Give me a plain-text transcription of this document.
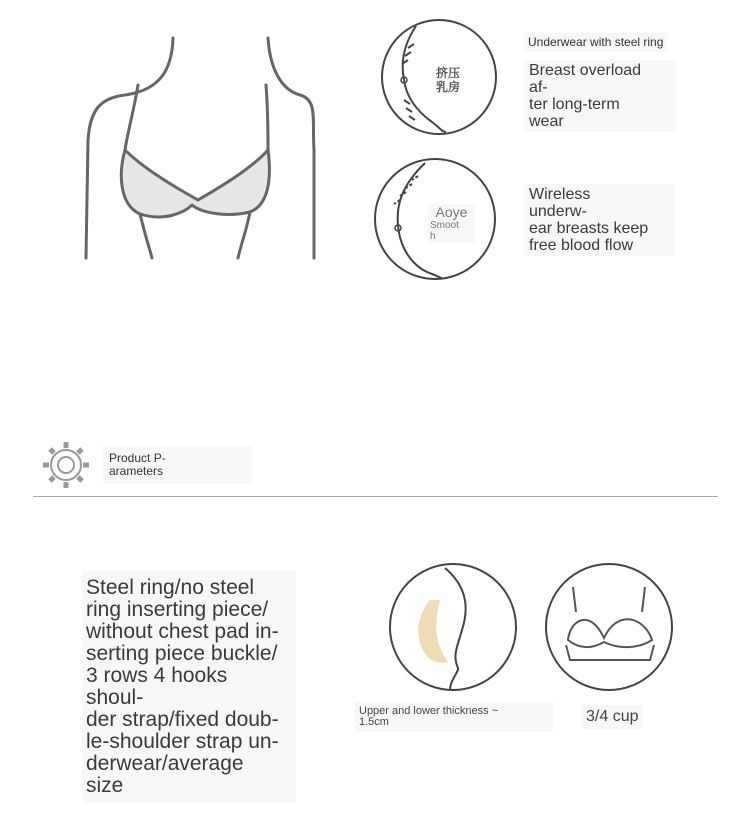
挤压
乳房
Underwear with steel ring
Breast overload
af-
ter long-term
wear
Aoye
Smoot
h
Wireless
underw-
ear breasts keep
free blood flow
Product P-
arameters
Steel ring/no steel
ring inserting piece/
without chest pad in-
serting piece buckle/
3 rows 4 hooks
shoul-
der strap/fixed doub-
le-shoulder strap un-
derwear/average
size
Upper and lower thickness ~
1.5cm	3/4 cup
